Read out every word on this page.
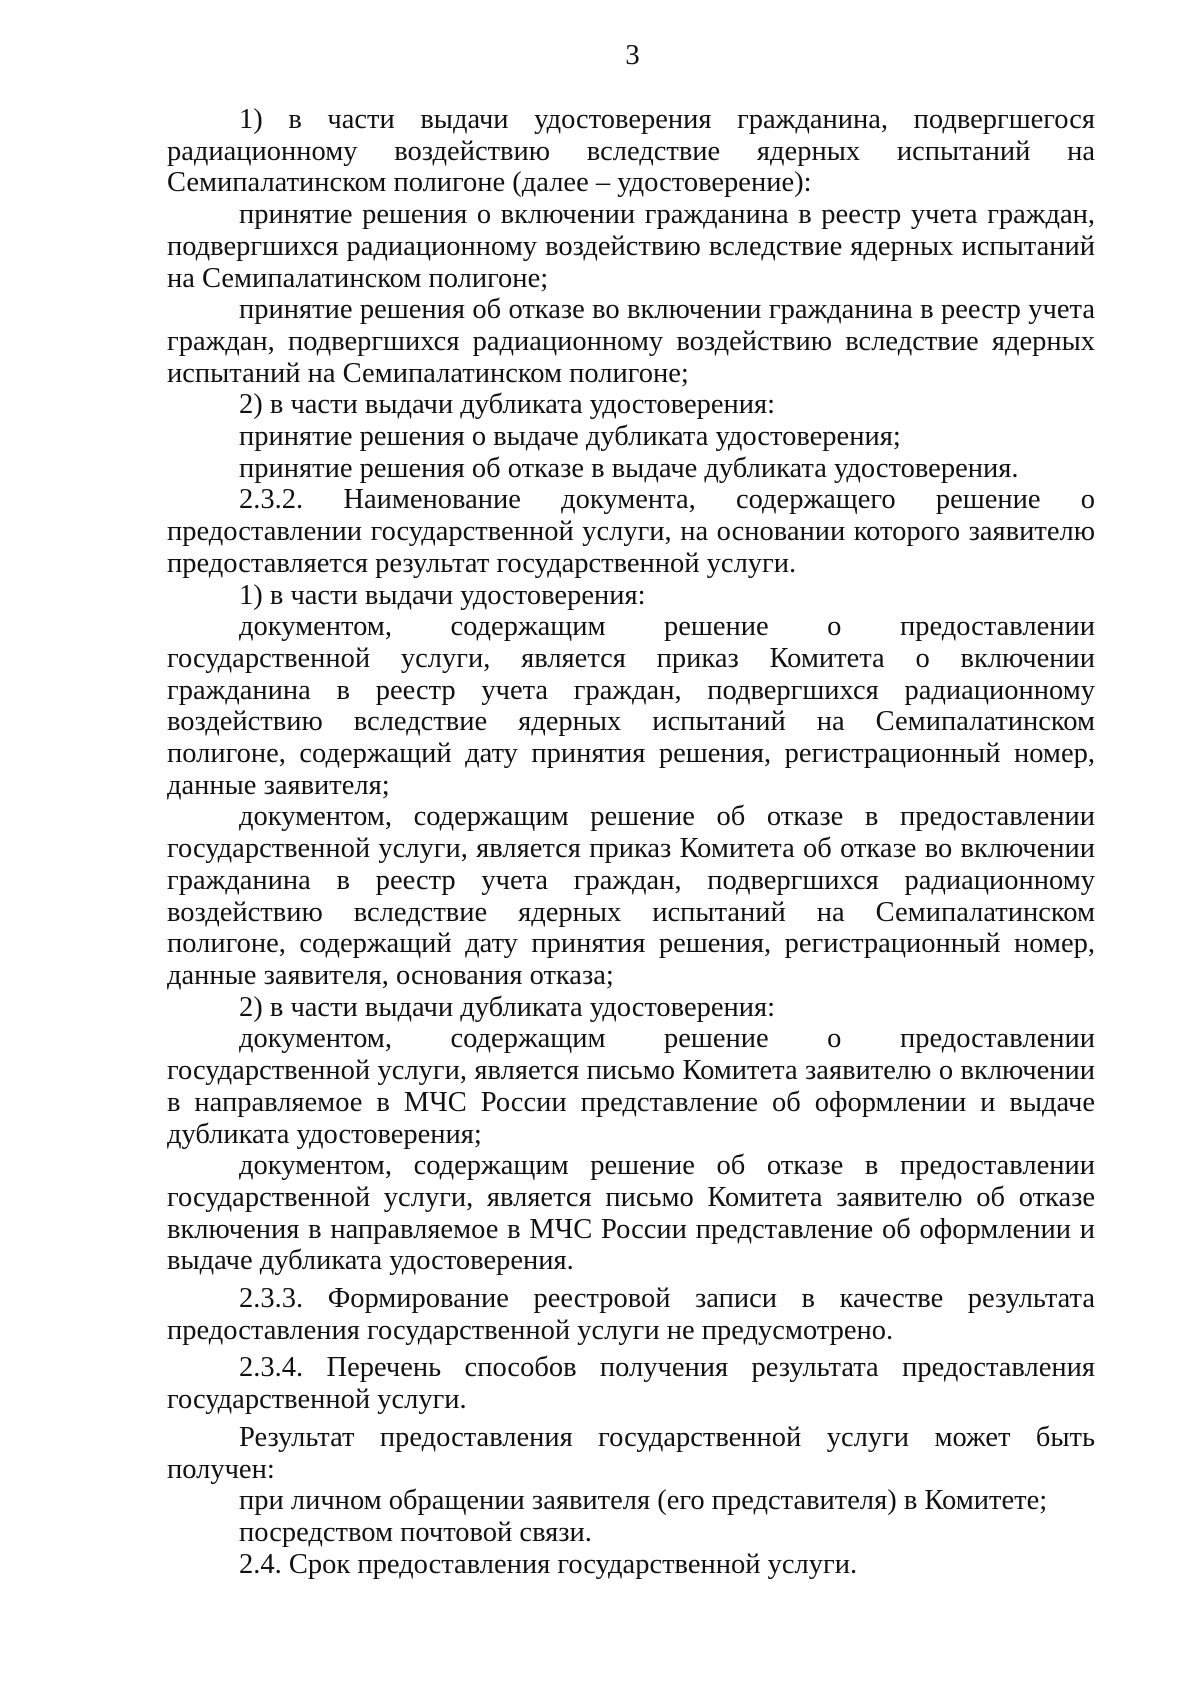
3

1) в части выдачи удостоверения гражданина, подвергшегося радиационному воздействию вследствие ядерных испытаний на Семипалатинском полигоне (далее – удостоверение):

принятие решения о включении гражданина в реестр учета граждан, подвергшихся радиационному воздействию вследствие ядерных испытаний на Семипалатинском полигоне;

принятие решения об отказе во включении гражданина в реестр учета граждан, подвергшихся радиационному воздействию вследствие ядерных испытаний на Семипалатинском полигоне;

2) в части выдачи дубликата удостоверения:

принятие решения о выдаче дубликата удостоверения;

принятие решения об отказе в выдаче дубликата удостоверения.

2.3.2. Наименование документа, содержащего решение о предоставлении государственной услуги, на основании которого заявителю предоставляется результат государственной услуги.

1) в части выдачи удостоверения:

документом, содержащим решение о предоставлении государственной услуги, является приказ Комитета о включении гражданина в реестр учета граждан, подвергшихся радиационному воздействию вследствие ядерных испытаний на Семипалатинском полигоне, содержащий дату принятия решения, регистрационный номер, данные заявителя;

документом, содержащим решение об отказе в предоставлении государственной услуги, является приказ Комитета об отказе во включении гражданина в реестр учета граждан, подвергшихся радиационному воздействию вследствие ядерных испытаний на Семипалатинском полигоне, содержащий дату принятия решения, регистрационный номер, данные заявителя, основания отказа;

2) в части выдачи дубликата удостоверения:

документом, содержащим решение о предоставлении государственной услуги, является письмо Комитета заявителю о включении в направляемое в МЧС России представление об оформлении и выдаче дубликата удостоверения;

документом, содержащим решение об отказе в предоставлении государственной услуги, является письмо Комитета заявителю об отказе включения в направляемое в МЧС России представление об оформлении и выдаче дубликата удостоверения.

2.3.3. Формирование реестровой записи в качестве результата предоставления государственной услуги не предусмотрено.

2.3.4. Перечень способов получения результата предоставления государственной услуги.

Результат предоставления государственной услуги может быть получен:

при личном обращении заявителя (его представителя) в Комитете;

посредством почтовой связи.

2.4. Срок предоставления государственной услуги.
